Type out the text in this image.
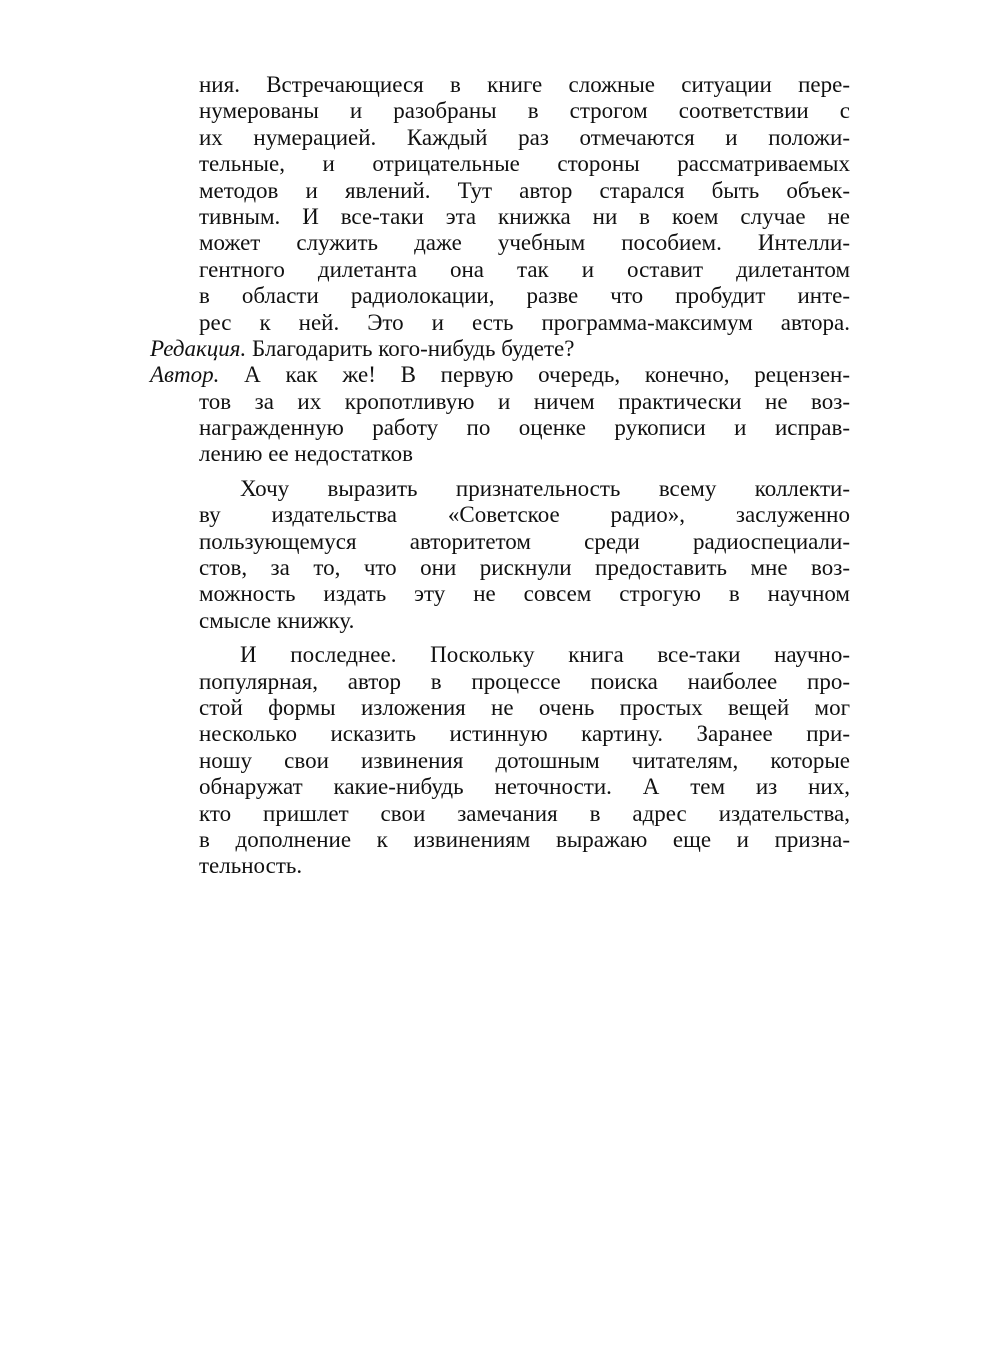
ния. Встречающиеся в книге сложные ситуации пере-
нумерованы и разобраны в строгом соответствии с
их нумерацией. Каждый раз отмечаются и положи-
тельные, и отрицательные стороны рассматриваемых
методов и явлений. Тут автор старался быть объек-
тивным. И все-таки эта книжка ни в коем случае не
может служить даже учебным пособием. Интелли-
гентного дилетанта она так и оставит дилетантом
в области радиолокации, разве что пробудит инте-
рес к ней. Это и есть программа-максимум автора.
Редакция. Благодарить кого-нибудь будете?
Автор. А как же! В первую очередь, конечно, рецензен-
тов за их кропотливую и ничем практически не воз-
награжденную работу по оценке рукописи и исправ-
лению ее недостатков
Хочу выразить признательность всему коллекти-
ву издательства «Советское радио», заслуженно
пользующемуся авторитетом среди радиоспециали-
стов, за то, что они рискнули предоставить мне воз-
можность издать эту не совсем строгую в научном
смысле книжку.
И последнее. Поскольку книга все-таки научно-
популярная, автор в процессе поиска наиболее про-
стой формы изложения не очень простых вещей мог
несколько исказить истинную картину. Заранее при-
ношу свои извинения дотошным читателям, которые
обнаружат какие-нибудь неточности. А тем из них,
кто пришлет свои замечания в адрес издательства,
в дополнение к извинениям выражаю еще и призна-
тельность.
